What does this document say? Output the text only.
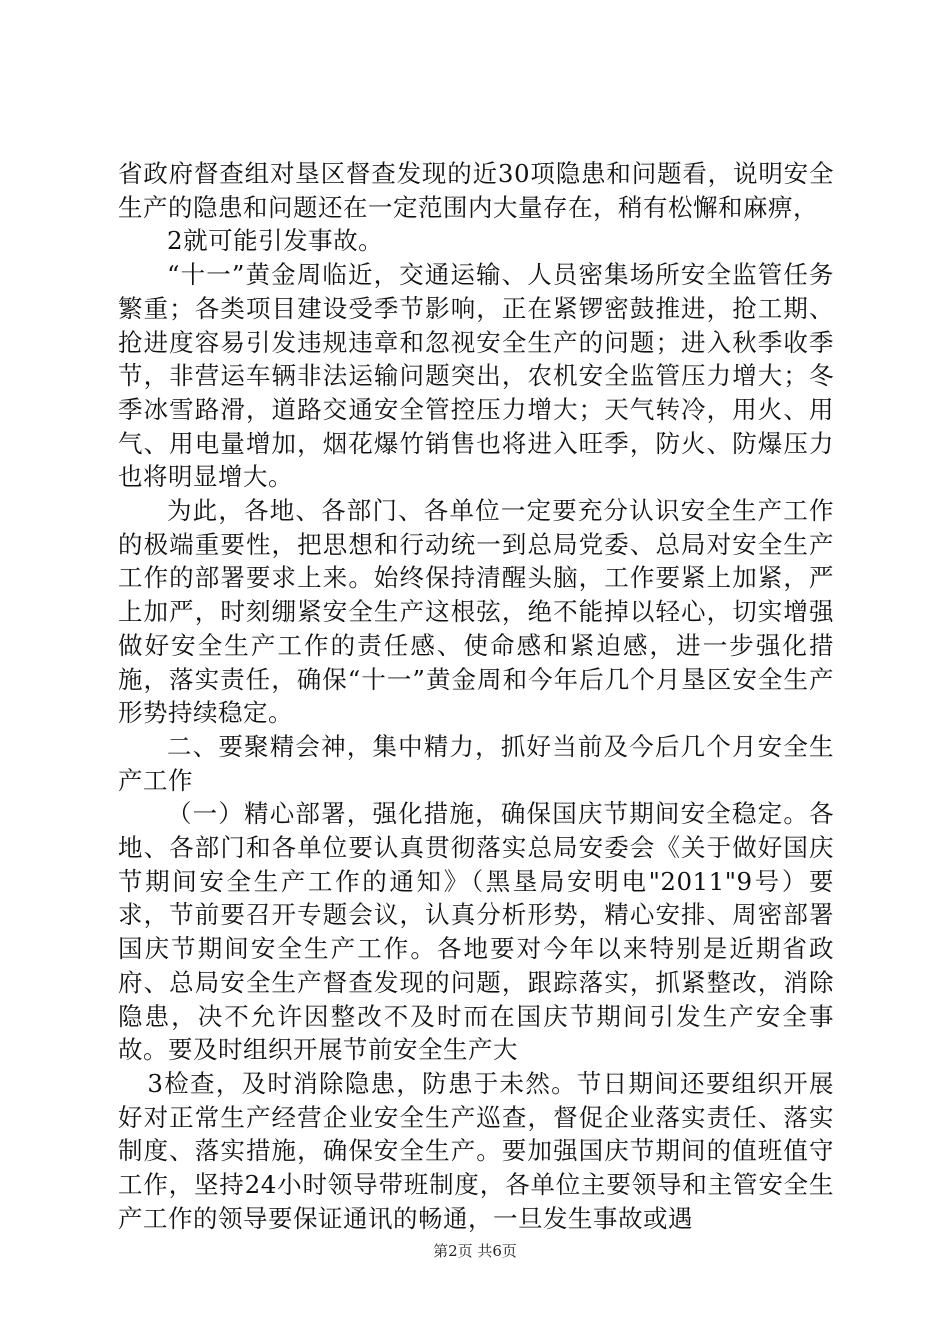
省政府督查组对垦区督查发现的近30项隐患和问题看，说明安全生产的隐患和问题还在一定范围内大量存在，稍有松懈和麻痹，

2就可能引发事故。

“十一”黄金周临近，交通运输、人员密集场所安全监管任务繁重；各类项目建设受季节影响，正在紧锣密鼓推进，抢工期、抢进度容易引发违规违章和忽视安全生产的问题；进入秋季收季节，非营运车辆非法运输问题突出，农机安全监管压力增大；冬季冰雪路滑，道路交通安全管控压力增大；天气转冷，用火、用气、用电量增加，烟花爆竹销售也将进入旺季，防火、防爆压力也将明显增大。

为此，各地、各部门、各单位一定要充分认识安全生产工作的极端重要性，把思想和行动统一到总局党委、总局对安全生产工作的部署要求上来。始终保持清醒头脑，工作要紧上加紧，严上加严，时刻绷紧安全生产这根弦，绝不能掉以轻心，切实增强做好安全生产工作的责任感、使命感和紧迫感，进一步强化措施，落实责任，确保“十一”黄金周和今年后几个月垦区安全生产形势持续稳定。

二、要聚精会神，集中精力，抓好当前及今后几个月安全生产工作

（一）精心部署，强化措施，确保国庆节期间安全稳定。各地、各部门和各单位要认真贯彻落实总局安委会《关于做好国庆节期间安全生产工作的通知》（黑垦局安明电"2011"9号）要求，节前要召开专题会议，认真分析形势，精心安排、周密部署国庆节期间安全生产工作。各地要对今年以来特别是近期省政府、总局安全生产督查发现的问题，跟踪落实，抓紧整改，消除隐患，决不允许因整改不及时而在国庆节期间引发生产安全事故。要及时组织开展节前安全生产大

3检查，及时消除隐患，防患于未然。节日期间还要组织开展好对正常生产经营企业安全生产巡查，督促企业落实责任、落实制度、落实措施，确保安全生产。要加强国庆节期间的值班值守工作，坚持24小时领导带班制度，各单位主要领导和主管安全生产工作的领导要保证通讯的畅通，一旦发生事故或遇

第2页 共6页
